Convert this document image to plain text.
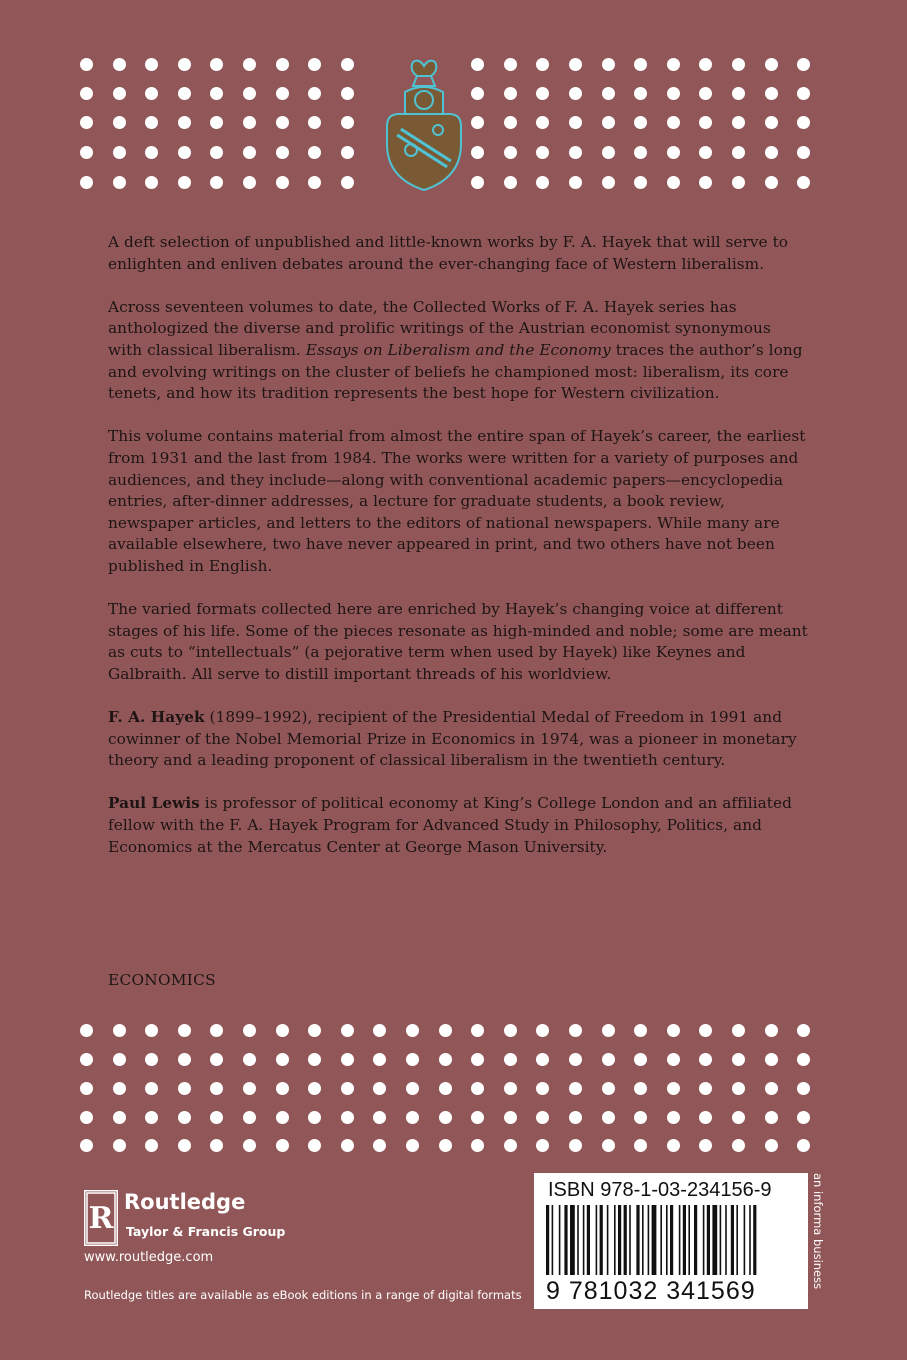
A deft selection of unpublished and little-known works by F. A. Hayek that will serve to enlighten and enliven debates around the ever-changing face of Western liberalism.

Across seventeen volumes to date, the Collected Works of F. A. Hayek series has anthologized the diverse and prolific writings of the Austrian economist synonymous with classical liberalism. Essays on Liberalism and the Economy traces the author’s long and evolving writings on the cluster of beliefs he championed most: liberalism, its core tenets, and how its tradition represents the best hope for Western civilization.

This volume contains material from almost the entire span of Hayek’s career, the earliest from 1931 and the last from 1984. The works were written for a variety of purposes and audiences, and they include—along with conventional academic papers—encyclopedia entries, after-dinner addresses, a lecture for graduate students, a book review, newspaper articles, and letters to the editors of national newspapers. While many are available elsewhere, two have never appeared in print, and two others have not been published in English.

The varied formats collected here are enriched by Hayek’s changing voice at different stages of his life. Some of the pieces resonate as high-minded and noble; some are meant as cuts to “intellectuals” (a pejorative term when used by Hayek) like Keynes and Galbraith. All serve to distill important threads of his worldview.

F. A. Hayek (1899–1992), recipient of the Presidential Medal of Freedom in 1991 and cowinner of the Nobel Memorial Prize in Economics in 1974, was a pioneer in monetary theory and a leading proponent of classical liberalism in the twentieth century.

Paul Lewis is professor of political economy at King’s College London and an affiliated fellow with the F. A. Hayek Program for Advanced Study in Philosophy, Politics, and Economics at the Mercatus Center at George Mason University.

ECONOMICS
R Routledge
Taylor & Francis Group
www.routledge.com
Routledge titles are available as eBook editions in a range of digital formats
ISBN 978-1-03-234156-9
9 781032 341569
an informa business
